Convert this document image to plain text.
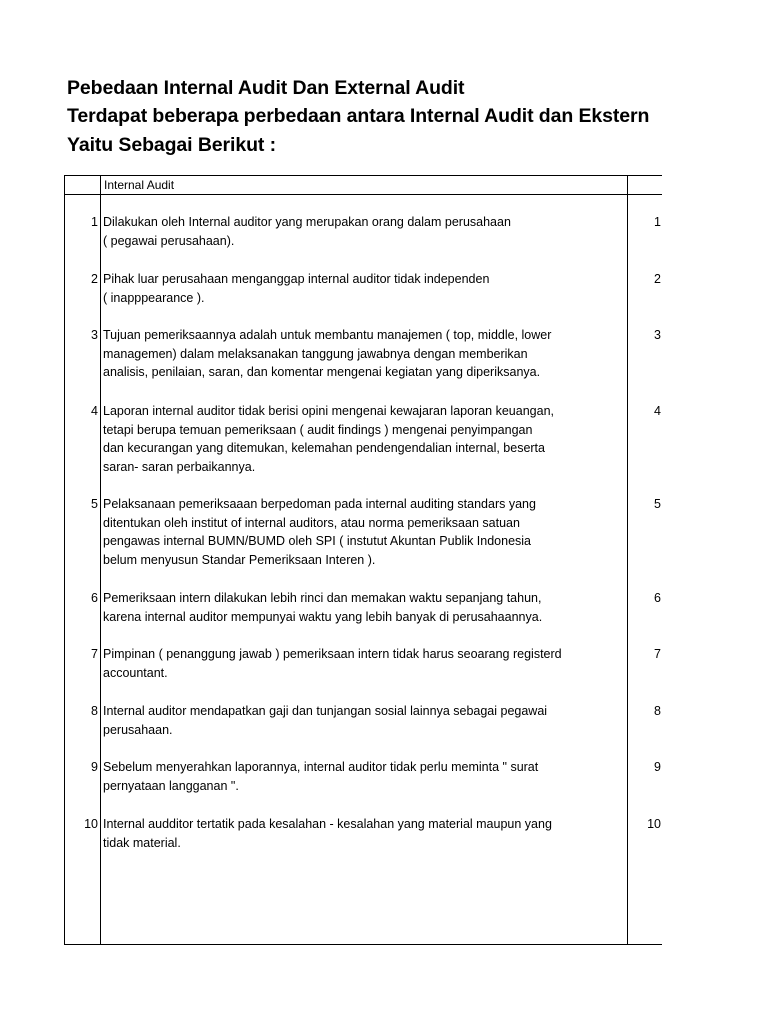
Pebedaan Internal Audit Dan External Audit
Terdapat beberapa perbedaan antara Internal Audit dan Ekstern
Yaitu Sebagai Berikut :
Internal Audit
1 Dilakukan oleh Internal auditor yang merupakan orang dalam perusahaan
( pegawai perusahaan).
1
2 Pihak luar perusahaan menganggap internal auditor tidak independen
( inapppearance ).
2
3 Tujuan pemeriksaannya adalah untuk membantu manajemen ( top, middle, lower
managemen) dalam melaksanakan tanggung jawabnya dengan memberikan
analisis, penilaian, saran, dan komentar mengenai kegiatan yang diperiksanya.
3
4 Laporan internal auditor tidak berisi opini mengenai kewajaran laporan keuangan,
tetapi berupa temuan pemeriksaan ( audit findings ) mengenai penyimpangan
dan kecurangan yang ditemukan, kelemahan pendengendalian internal, beserta
saran- saran perbaikannya.
4
5 Pelaksanaan pemeriksaaan berpedoman pada internal auditing standars yang
ditentukan oleh institut of internal auditors, atau norma pemeriksaan satuan
pengawas internal BUMN/BUMD oleh SPI ( instutut Akuntan Publik Indonesia
belum menyusun Standar Pemeriksaan Interen ).
5
6 Pemeriksaan intern dilakukan lebih rinci dan memakan waktu sepanjang tahun,
karena internal auditor mempunyai waktu yang lebih banyak di perusahaannya.
6
7 Pimpinan ( penanggung jawab ) pemeriksaan intern tidak harus seoarang registerd
accountant.
7
8 Internal auditor mendapatkan gaji dan tunjangan sosial lainnya sebagai pegawai
perusahaan.
8
9 Sebelum menyerahkan laporannya, internal auditor tidak perlu meminta " surat
pernyataan langganan ".
9
10 Internal audditor tertatik pada kesalahan - kesalahan yang material maupun yang
tidak material.
10
